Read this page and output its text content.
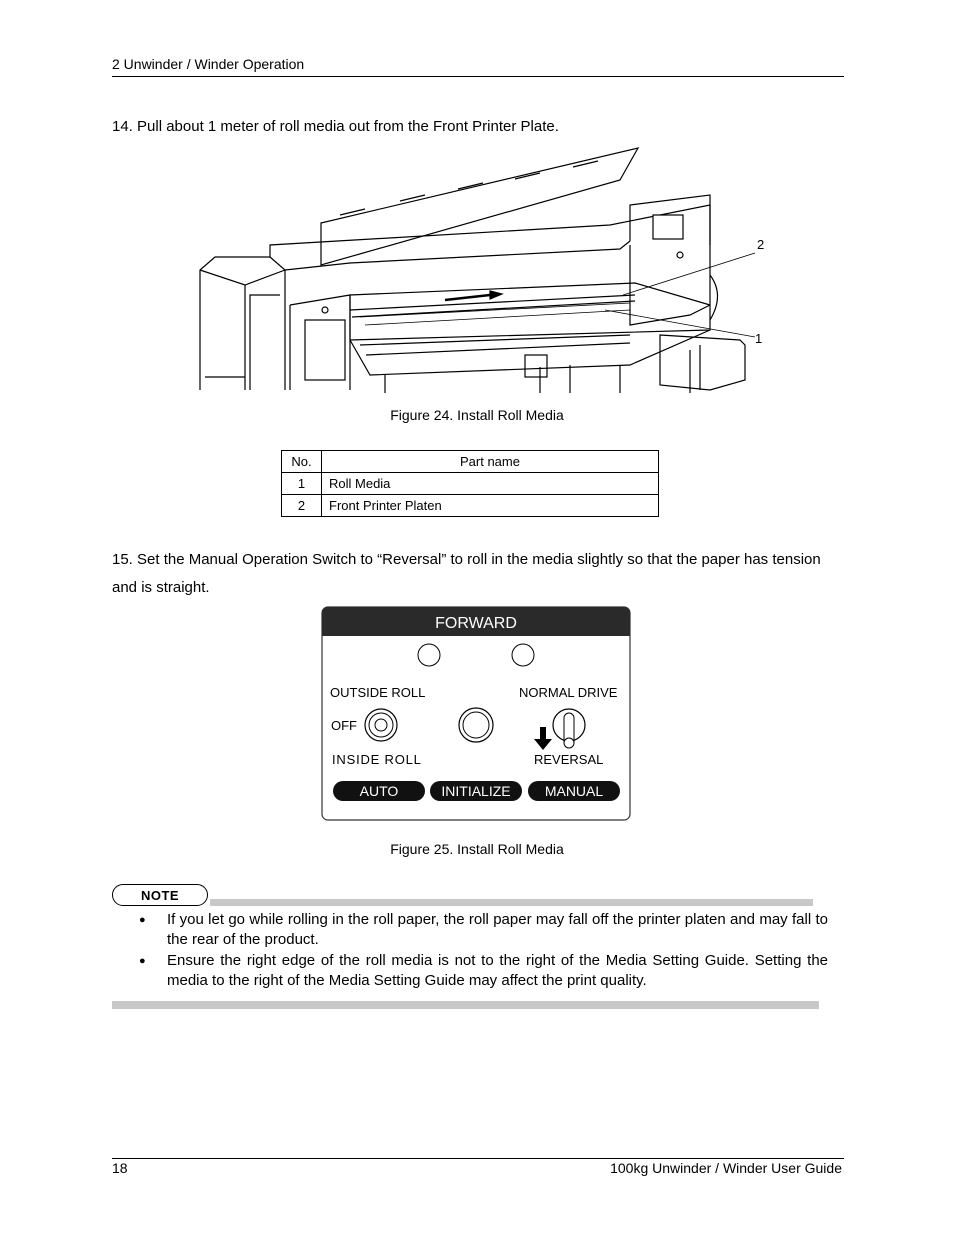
2 Unwinder / Winder Operation
14. Pull about 1 meter of roll media out from the Front Printer Plate.
2
1
Figure 24. Install Roll Media
No.	Part name
1	Roll Media
2	Front Printer Platen
15. Set the Manual Operation Switch to “Reversal” to roll in the media slightly so that the paper has tension and is straight.
FORWARD
OUTSIDE ROLL	NORMAL DRIVE
OFF
INSIDE ROLL	REVERSAL
AUTO	INITIALIZE MANUAL
Figure 25. Install Roll Media
NOTE
● If you let go while rolling in the roll paper, the roll paper may fall off the printer platen and may fall to the rear of the product.
● Ensure the right edge of the roll media is not to the right of the Media Setting Guide. Setting the media to the right of the Media Setting Guide may affect the print quality.
18	100kg Unwinder / Winder User Guide
